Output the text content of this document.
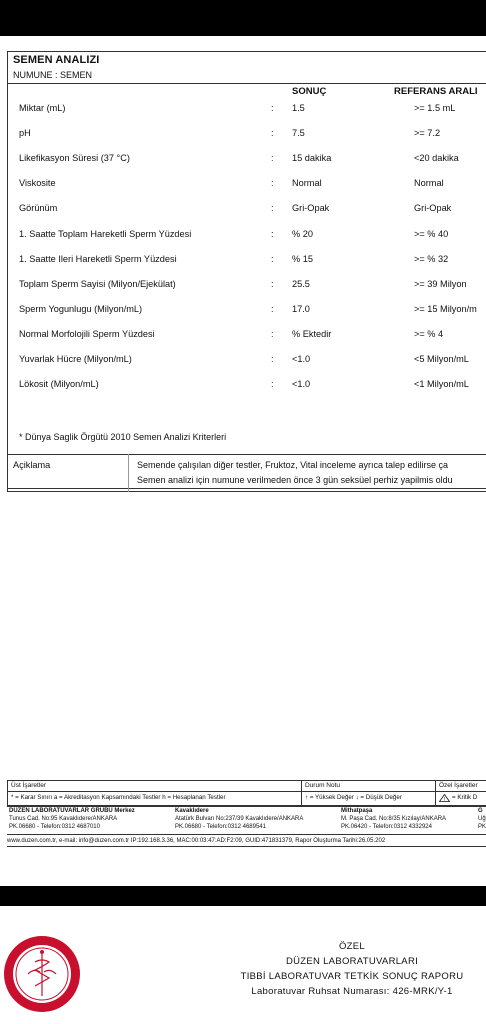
SEMEN ANALIZI
NUMUNE : SEMEN
SONUÇ	REFERANS ARALI
Miktar (mL)	: 1.5	>= 1.5 mL
pH	: 7.5	>= 7.2
Likefikasyon Süresi (37 °C)	: 15 dakika	<20 dakika
Viskosite	: Normal	Normal
Görünüm	: Gri-Opak	Gri-Opak
1. Saatte Toplam Hareketli Sperm Yüzdesi	: % 20	>= % 40
1. Saatte Ileri Hareketli Sperm Yüzdesi	: % 15	>= % 32
Toplam Sperm Sayisi (Milyon/Ejekülat)	: 25.5	>= 39 Milyon
Sperm Yogunlugu (Milyon/mL)	: 17.0	>= 15 Milyon/m
Normal Morfolojili Sperm Yüzdesi	: % Ektedir	>= % 4
Yuvarlak Hücre (Milyon/mL)	: <1.0	<5 Milyon/mL
Lökosit (Milyon/mL)	: <1.0	<1 Milyon/mL
* Dünya Saglik Örgütü 2010 Semen Analizi Kriterleri
Açiklama	Semende çalışılan diğer testler, Fruktoz, Vital inceleme ayrıca talep edilirse ça
Semen analizi için numune verilmeden önce 3 gün seksüel perhiz yapilmis oldu
Üst İşaretler	Durum Notu	Özel İşaretler
* = Karar Sınırı a = Akreditasyon Kapsamındaki Testler h = Hesaplanan Testler	↑ = Yüksek Değer ↓ = Düşük Değer	! = Kritik D
DÜZEN LABORATUVARLAR GRUBU Merkez
Tunus Cad. No:95 Kavaklıdere/ANKARA
PK.06680 - Telefon:0312 4687010
Kavaklıdere
Atatürk Bulvarı No:237/39 Kavaklıdere/ANKARA
PK.06680 - Telefon:0312 4689541
Mithatpaşa
M. Paşa Cad. No:8/35 Kızılay/ANKARA
PK.06420 - Telefon:0312 4332924
G
Uğ
PK
www.duzen.com.tr, e-mail: info@duzen.com.tr IP:192.168.3.36, MAC:00:03:47:AD:F2:09, GUID:471831379, Rapor Oluşturma Tarihi:26.05.202
ÖZEL
DÜZEN LABORATUVARLARI
TIBBİ LABORATUVAR TETKİK SONUÇ RAPORU
Laboratuvar Ruhsat Numarası: 426-MRK/Y-1
